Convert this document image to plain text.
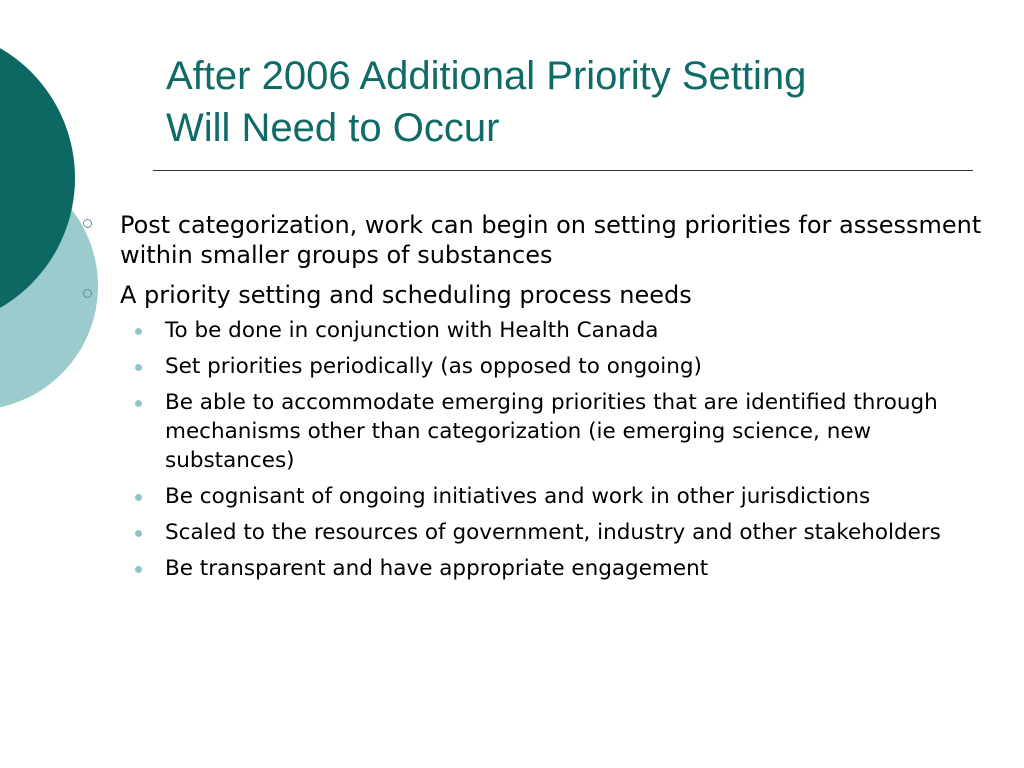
After 2006 Additional Priority Setting
Will Need to Occur
Post categorization, work can begin on setting priorities for assessment within smaller groups of substances
A priority setting and scheduling process needs
To be done in conjunction with Health Canada
Set priorities periodically (as opposed to ongoing)
Be able to accommodate emerging priorities that are identified through mechanisms other than categorization (ie emerging science, new substances)
Be cognisant of ongoing initiatives and work in other jurisdictions
Scaled to the resources of government, industry and other stakeholders
Be transparent and have appropriate engagement
